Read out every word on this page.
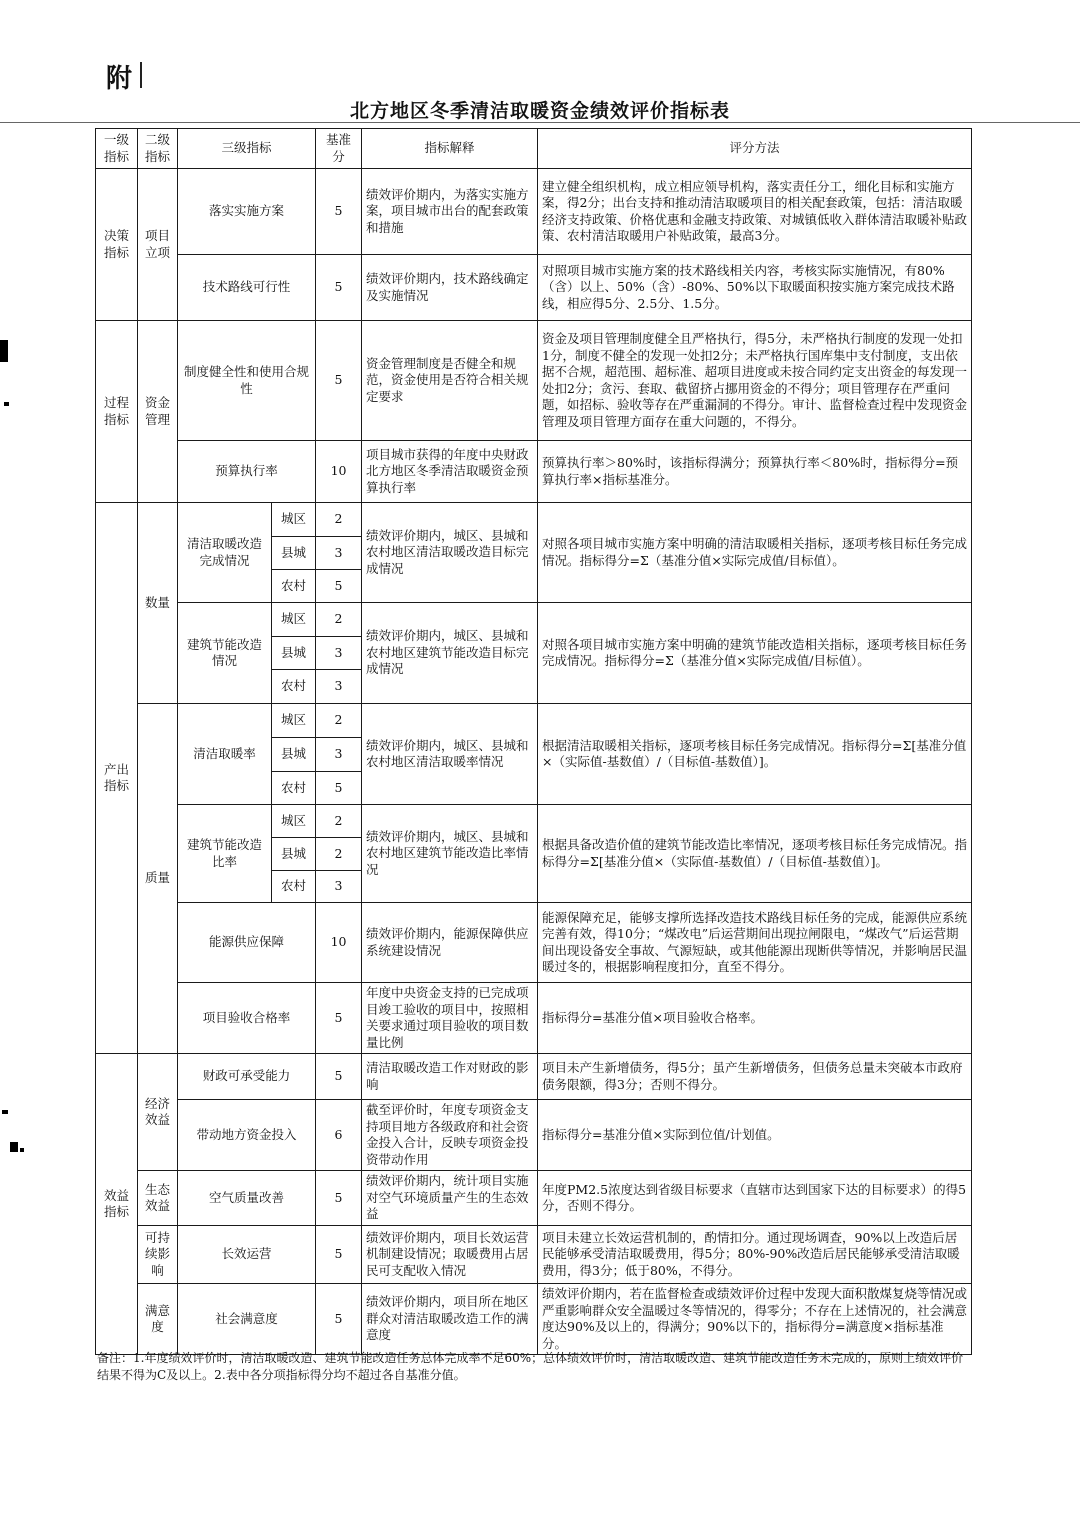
附
北方地区冬季清洁取暖资金绩效评价指标表
一级指标	二级指标	三级指标		基准分	指标解释	评分方法
决策指标	项目立项	落实实施方案		5	绩效评价期内，为落实实施方案，项目城市出台的配套政策和措施	建立健全组织机构，成立相应领导机构，落实责任分工，细化目标和实施方案，得2分；出台支持和推动清洁取暖项目的相关配套政策，包括：清洁取暖经济支持政策、价格优惠和金融支持政策、对城镇低收入群体清洁取暖补贴政策、农村清洁取暖用户补贴政策，最高3分。
		技术路线可行性		5	绩效评价期内，技术路线确定及实施情况	对照项目城市实施方案的技术路线相关内容，考核实际实施情况，有80%（含）以上、50%（含）-80%、50%以下取暖面积按实施方案完成技术路线，相应得5分、2.5分、1.5分。
过程指标	资金管理	制度健全性和使用合规性		5	资金管理制度是否健全和规范，资金使用是否符合相关规定要求	资金及项目管理制度健全且严格执行，得5分，未严格执行制度的发现一处扣1分，制度不健全的发现一处扣2分；未严格执行国库集中支付制度，支出依据不合规，超范围、超标准、超项目进度或未按合同约定支出资金的每发现一处扣2分；贪污、套取、截留挤占挪用资金的不得分；项目管理存在严重问题，如招标、验收等存在严重漏洞的不得分。审计、监督检查过程中发现资金管理及项目管理方面存在重大问题的，不得分。
		预算执行率		10	项目城市获得的年度中央财政北方地区冬季清洁取暖资金预算执行率	预算执行率＞80%时，该指标得满分；预算执行率＜80%时，指标得分=预算执行率×指标基准分。
产出指标	数量	清洁取暖改造完成情况	城区	2	绩效评价期内，城区、县城和农村地区清洁取暖改造目标完成情况	对照各项目城市实施方案中明确的清洁取暖相关指标，逐项考核目标任务完成情况。指标得分=Σ（基准分值×实际完成值/目标值）。
			县城	3		
			农村	5		
		建筑节能改造情况	城区	2	绩效评价期内，城区、县城和农村地区建筑节能改造目标完成情况	对照各项目城市实施方案中明确的建筑节能改造相关指标，逐项考核目标任务完成情况。指标得分=Σ（基准分值×实际完成值/目标值）。
			县城	3		
			农村	3		
	质量	清洁取暖率	城区	2	绩效评价期内，城区、县城和农村地区清洁取暖率情况	根据清洁取暖相关指标，逐项考核目标任务完成情况。指标得分=Σ[基准分值×（实际值-基数值）/（目标值-基数值）]。
			县城	3		
			农村	5		
		建筑节能改造比率	城区	2	绩效评价期内，城区、县城和农村地区建筑节能改造比率情况	根据具备改造价值的建筑节能改造比率情况，逐项考核目标任务完成情况。指标得分=Σ[基准分值×（实际值-基数值）/（目标值-基数值）]。
			县城	2		
			农村	3		
		能源供应保障		10	绩效评价期内，能源保障供应系统建设情况	能源保障充足，能够支撑所选择改造技术路线目标任务的完成，能源供应系统完善有效，得10分；“煤改电”后运营期间出现拉闸限电，“煤改气”后运营期间出现设备安全事故、气源短缺，或其他能源出现断供等情况，并影响居民温暖过冬的，根据影响程度扣分，直至不得分。
		项目验收合格率		5	年度中央资金支持的已完成项目竣工验收的项目中，按照相关要求通过项目验收的项目数量比例	指标得分=基准分值×项目验收合格率。
效益指标	经济效益	财政可承受能力		5	清洁取暖改造工作对财政的影响	项目未产生新增债务，得5分；虽产生新增债务，但债务总量未突破本市政府债务限额，得3分；否则不得分。
		带动地方资金投入		6	截至评价时，年度专项资金支持项目地方各级政府和社会资金投入合计，反映专项资金投资带动作用	指标得分=基准分值×实际到位值/计划值。
	生态效益	空气质量改善		5	绩效评价期内，统计项目实施对空气环境质量产生的生态效益	年度PM2.5浓度达到省级目标要求（直辖市达到国家下达的目标要求）的得5分，否则不得分。
	可持续影响	长效运营		5	绩效评价期内，项目长效运营机制建设情况；取暖费用占居民可支配收入情况	项目未建立长效运营机制的，酌情扣分。通过现场调查，90%以上改造后居民能够承受清洁取暖费用，得5分；80%-90%改造后居民能够承受清洁取暖费用，得3分；低于80%，不得分。
	满意度	社会满意度		5	绩效评价期内，项目所在地区群众对清洁取暖改造工作的满意度	绩效评价期内，若在监督检查或绩效评价过程中发现大面积散煤复烧等情况或严重影响群众安全温暖过冬等情况的，得零分；不存在上述情况的，社会满意度达90%及以上的，得满分；90%以下的，指标得分=满意度×指标基准分。
备注：1.年度绩效评价时，清洁取暖改造、建筑节能改造任务总体完成率不足60%；总体绩效评价时，清洁取暖改造、建筑节能改造任务未完成的，原则上绩效评价结果不得为C及以上。2.表中各分项指标得分均不超过各自基准分值。
